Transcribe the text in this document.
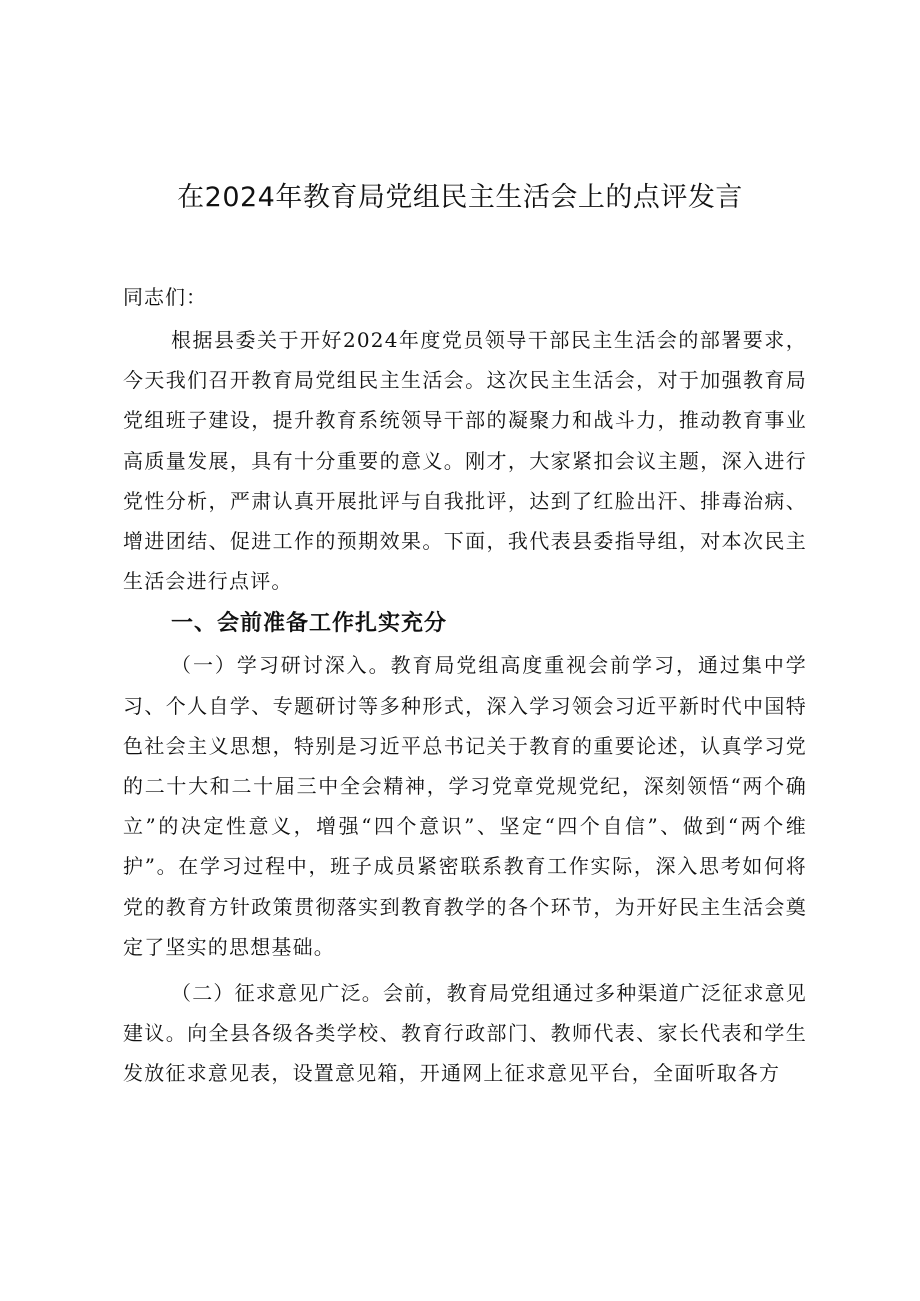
在2024年教育局党组民主生活会上的点评发言
同志们：

根据县委关于开好2024年度党员领导干部民主生活会的部署要求，今天我们召开教育局党组民主生活会。这次民主生活会，对于加强教育局党组班子建设，提升教育系统领导干部的凝聚力和战斗力，推动教育事业高质量发展，具有十分重要的意义。刚才，大家紧扣会议主题，深入进行党性分析，严肃认真开展批评与自我批评，达到了红脸出汗、排毒治病、增进团结、促进工作的预期效果。下面，我代表县委指导组，对本次民主生活会进行点评。

一、会前准备工作扎实充分

（一）学习研讨深入。教育局党组高度重视会前学习，通过集中学习、个人自学、专题研讨等多种形式，深入学习领会习近平新时代中国特色社会主义思想，特别是习近平总书记关于教育的重要论述，认真学习党的二十大和二十届三中全会精神，学习党章党规党纪，深刻领悟“两个确立”的决定性意义，增强“四个意识”、坚定“四个自信”、做到“两个维护”。在学习过程中，班子成员紧密联系教育工作实际，深入思考如何将党的教育方针政策贯彻落实到教育教学的各个环节，为开好民主生活会奠定了坚实的思想基础。

（二）征求意见广泛。会前，教育局党组通过多种渠道广泛征求意见建议。向全县各级各类学校、教育行政部门、教师代表、家长代表和学生发放征求意见表，设置意见箱，开通网上征求意见平台，全面听取各方
